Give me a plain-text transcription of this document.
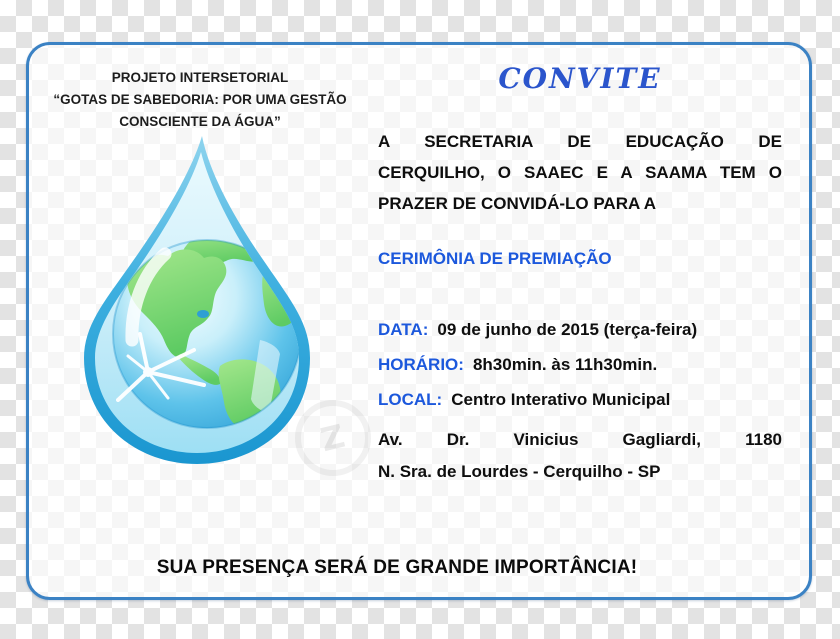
PROJETO INTERSETORIAL
“GOTAS DE SABEDORIA: POR UMA GESTÃO
CONSCIENTE DA ÁGUA”
Z
CONVITE

A SECRETARIA DE EDUCAÇÃO DE

CERQUILHO, O SAAEC E A SAAMA TEM O

PRAZER DE CONVIDÁ-LO PARA A

CERIMÔNIA DE PREMIAÇÃO
DATA: 09 de junho de 2015 (terça-feira)
HORÁRIO: 8h30min. às 11h30min.
LOCAL: Centro Interativo Municipal
Av. Dr. Vinicius Gagliardi, 1180
N. Sra. de Lourdes - Cerquilho - SP
SUA PRESENÇA SERÁ DE GRANDE IMPORTÂNCIA!
